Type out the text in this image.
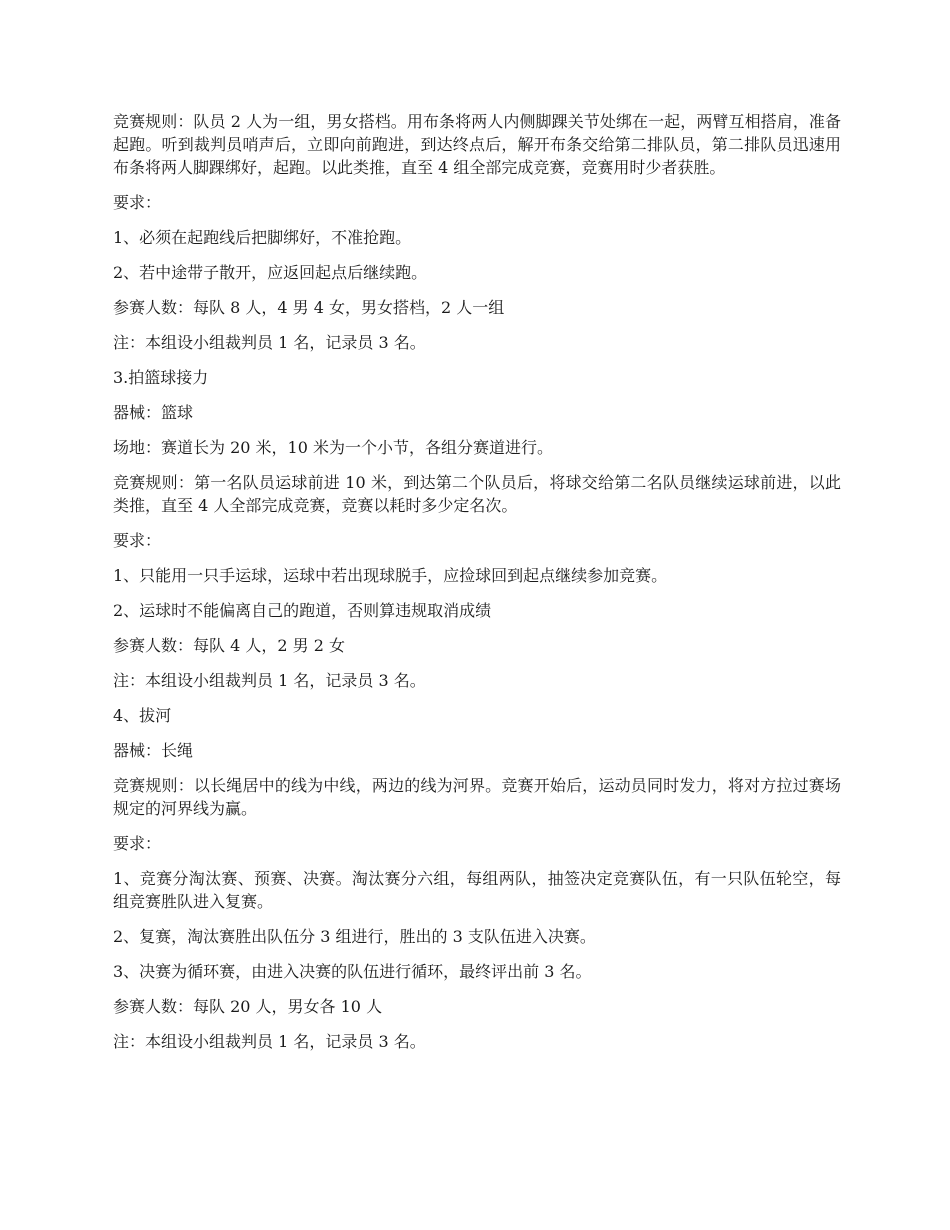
竞赛规则：队员 2 人为一组，男女搭档。用布条将两人内侧脚踝关节处绑在一起，两臂互相搭肩，准备起跑。听到裁判员哨声后，立即向前跑进，到达终点后，解开布条交给第二排队员，第二排队员迅速用布条将两人脚踝绑好，起跑。以此类推，直至 4 组全部完成竞赛，竞赛用时少者获胜。

要求：

1、必须在起跑线后把脚绑好，不准抢跑。

2、若中途带子散开，应返回起点后继续跑。

参赛人数：每队 8 人，4 男 4 女，男女搭档，2 人一组

注：本组设小组裁判员 1 名，记录员 3 名。

3.拍篮球接力

器械：篮球

场地：赛道长为 20 米，10 米为一个小节，各组分赛道进行。

竞赛规则：第一名队员运球前进 10 米，到达第二个队员后，将球交给第二名队员继续运球前进，以此类推，直至 4 人全部完成竞赛，竞赛以耗时多少定名次。

要求：

1、只能用一只手运球，运球中若出现球脱手，应捡球回到起点继续参加竞赛。

2、运球时不能偏离自己的跑道，否则算违规取消成绩

参赛人数：每队 4 人，2 男 2 女

注：本组设小组裁判员 1 名，记录员 3 名。

4、拔河

器械：长绳

竞赛规则：以长绳居中的线为中线，两边的线为河界。竞赛开始后，运动员同时发力，将对方拉过赛场规定的河界线为赢。

要求：

1、竞赛分淘汰赛、预赛、决赛。淘汰赛分六组，每组两队，抽签决定竞赛队伍，有一只队伍轮空，每组竞赛胜队进入复赛。

2、复赛，淘汰赛胜出队伍分 3 组进行，胜出的 3 支队伍进入决赛。

3、决赛为循环赛，由进入决赛的队伍进行循环，最终评出前 3 名。

参赛人数：每队 20 人，男女各 10 人

注：本组设小组裁判员 1 名，记录员 3 名。
